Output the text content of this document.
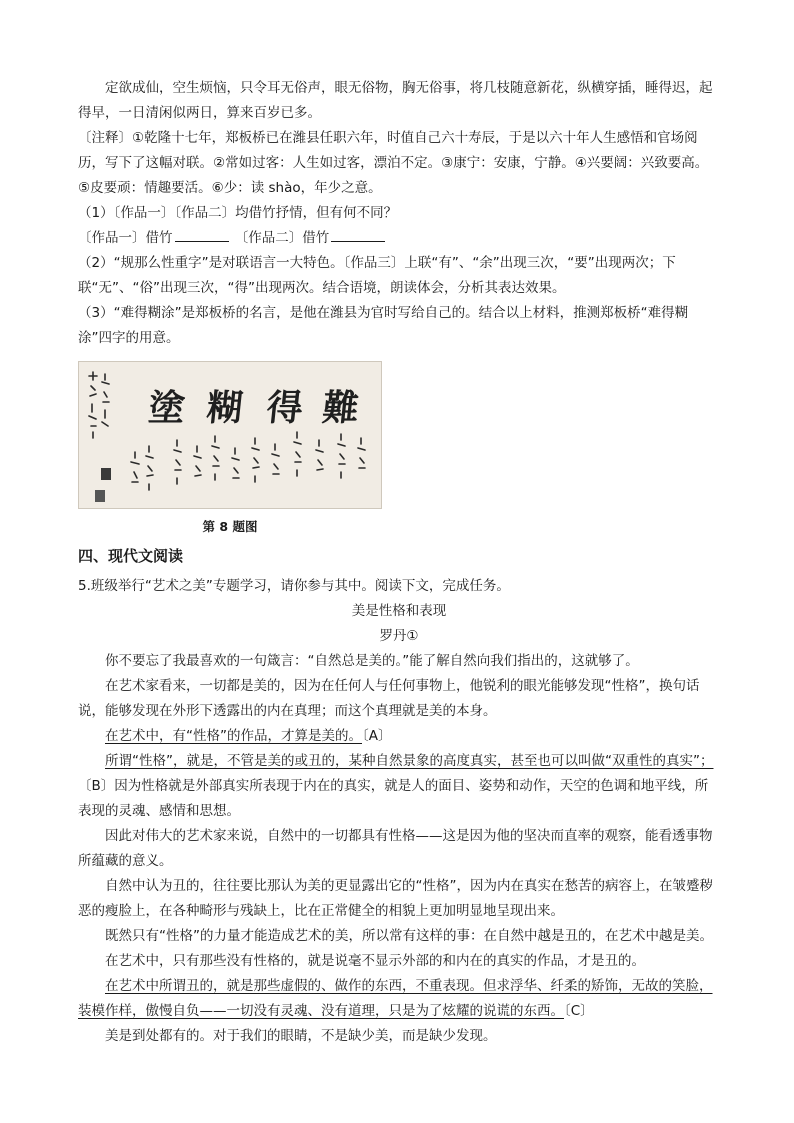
定欲成仙，空生烦恼，只令耳无俗声，眼无俗物，胸无俗事，将几枝随意新花，纵横穿插，睡得迟，起得早，一日清闲似两日，算来百岁已多。

〔注释〕①乾隆十七年，郑板桥已在潍县任职六年，时值自己六十寿辰，于是以六十年人生感悟和官场阅历，写下了这幅对联。②常如过客：人生如过客，漂泊不定。③康宁：安康，宁静。④兴要阔：兴致要高。⑤皮要顽：情趣要活。⑥少：读 shào，年少之意。

（1）〔作品一〕〔作品二〕均借竹抒情，但有何不同？

〔作品一〕借竹	〔作品二〕借竹

（2）“规那么性重字”是对联语言一大特色。〔作品三〕上联“有”、“余”出现三次，“要”出现两次；下联“无”、“俗”出现三次，“得”出现两次。结合语境，朗读体会，分析其表达效果。

（3）“难得糊涂”是郑板桥的名言，是他在潍县为官时写给自己的。结合以上材料，推测郑板桥“难得糊涂”四字的用意。

塗 糊 得 難
第 8 题图
四、现代文阅读

5.班级举行“艺术之美”专题学习，请你参与其中。阅读下文，完成任务。

美是性格和表现

罗丹①

你不要忘了我最喜欢的一句箴言：“自然总是美的。”能了解自然向我们指出的，这就够了。

在艺术家看来，一切都是美的，因为在任何人与任何事物上，他锐利的眼光能够发现“性格”，换句话说，能够发现在外形下透露出的内在真理；而这个真理就是美的本身。

在艺术中，有“性格”的作品，才算是美的。〔A〕

所谓“性格”，就是，不管是美的或丑的，某种自然景象的高度真实，甚至也可以叫做“双重性的真实”；〔B〕因为性格就是外部真实所表现于内在的真实，就是人的面目、姿势和动作，天空的色调和地平线，所表现的灵魂、感情和思想。

因此对伟大的艺术家来说，自然中的一切都具有性格——这是因为他的坚决而直率的观察，能看透事物所蕴藏的意义。

自然中认为丑的，往往要比那认为美的更显露出它的“性格”，因为内在真实在愁苦的病容上，在皱蹙秽恶的瘦脸上，在各种畸形与残缺上，比在正常健全的相貌上更加明显地呈现出来。

既然只有“性格”的力量才能造成艺术的美，所以常有这样的事：在自然中越是丑的，在艺术中越是美。

在艺术中，只有那些没有性格的，就是说毫不显示外部的和内在的真实的作品，才是丑的。

在艺术中所谓丑的，就是那些虚假的、做作的东西，不重表现。但求浮华、纤柔的矫饰，无故的笑脸，装模作样，傲慢自负——一切没有灵魂、没有道理，只是为了炫耀的说谎的东西。〔C〕

美是到处都有的。对于我们的眼睛，不是缺少美，而是缺少发现。
